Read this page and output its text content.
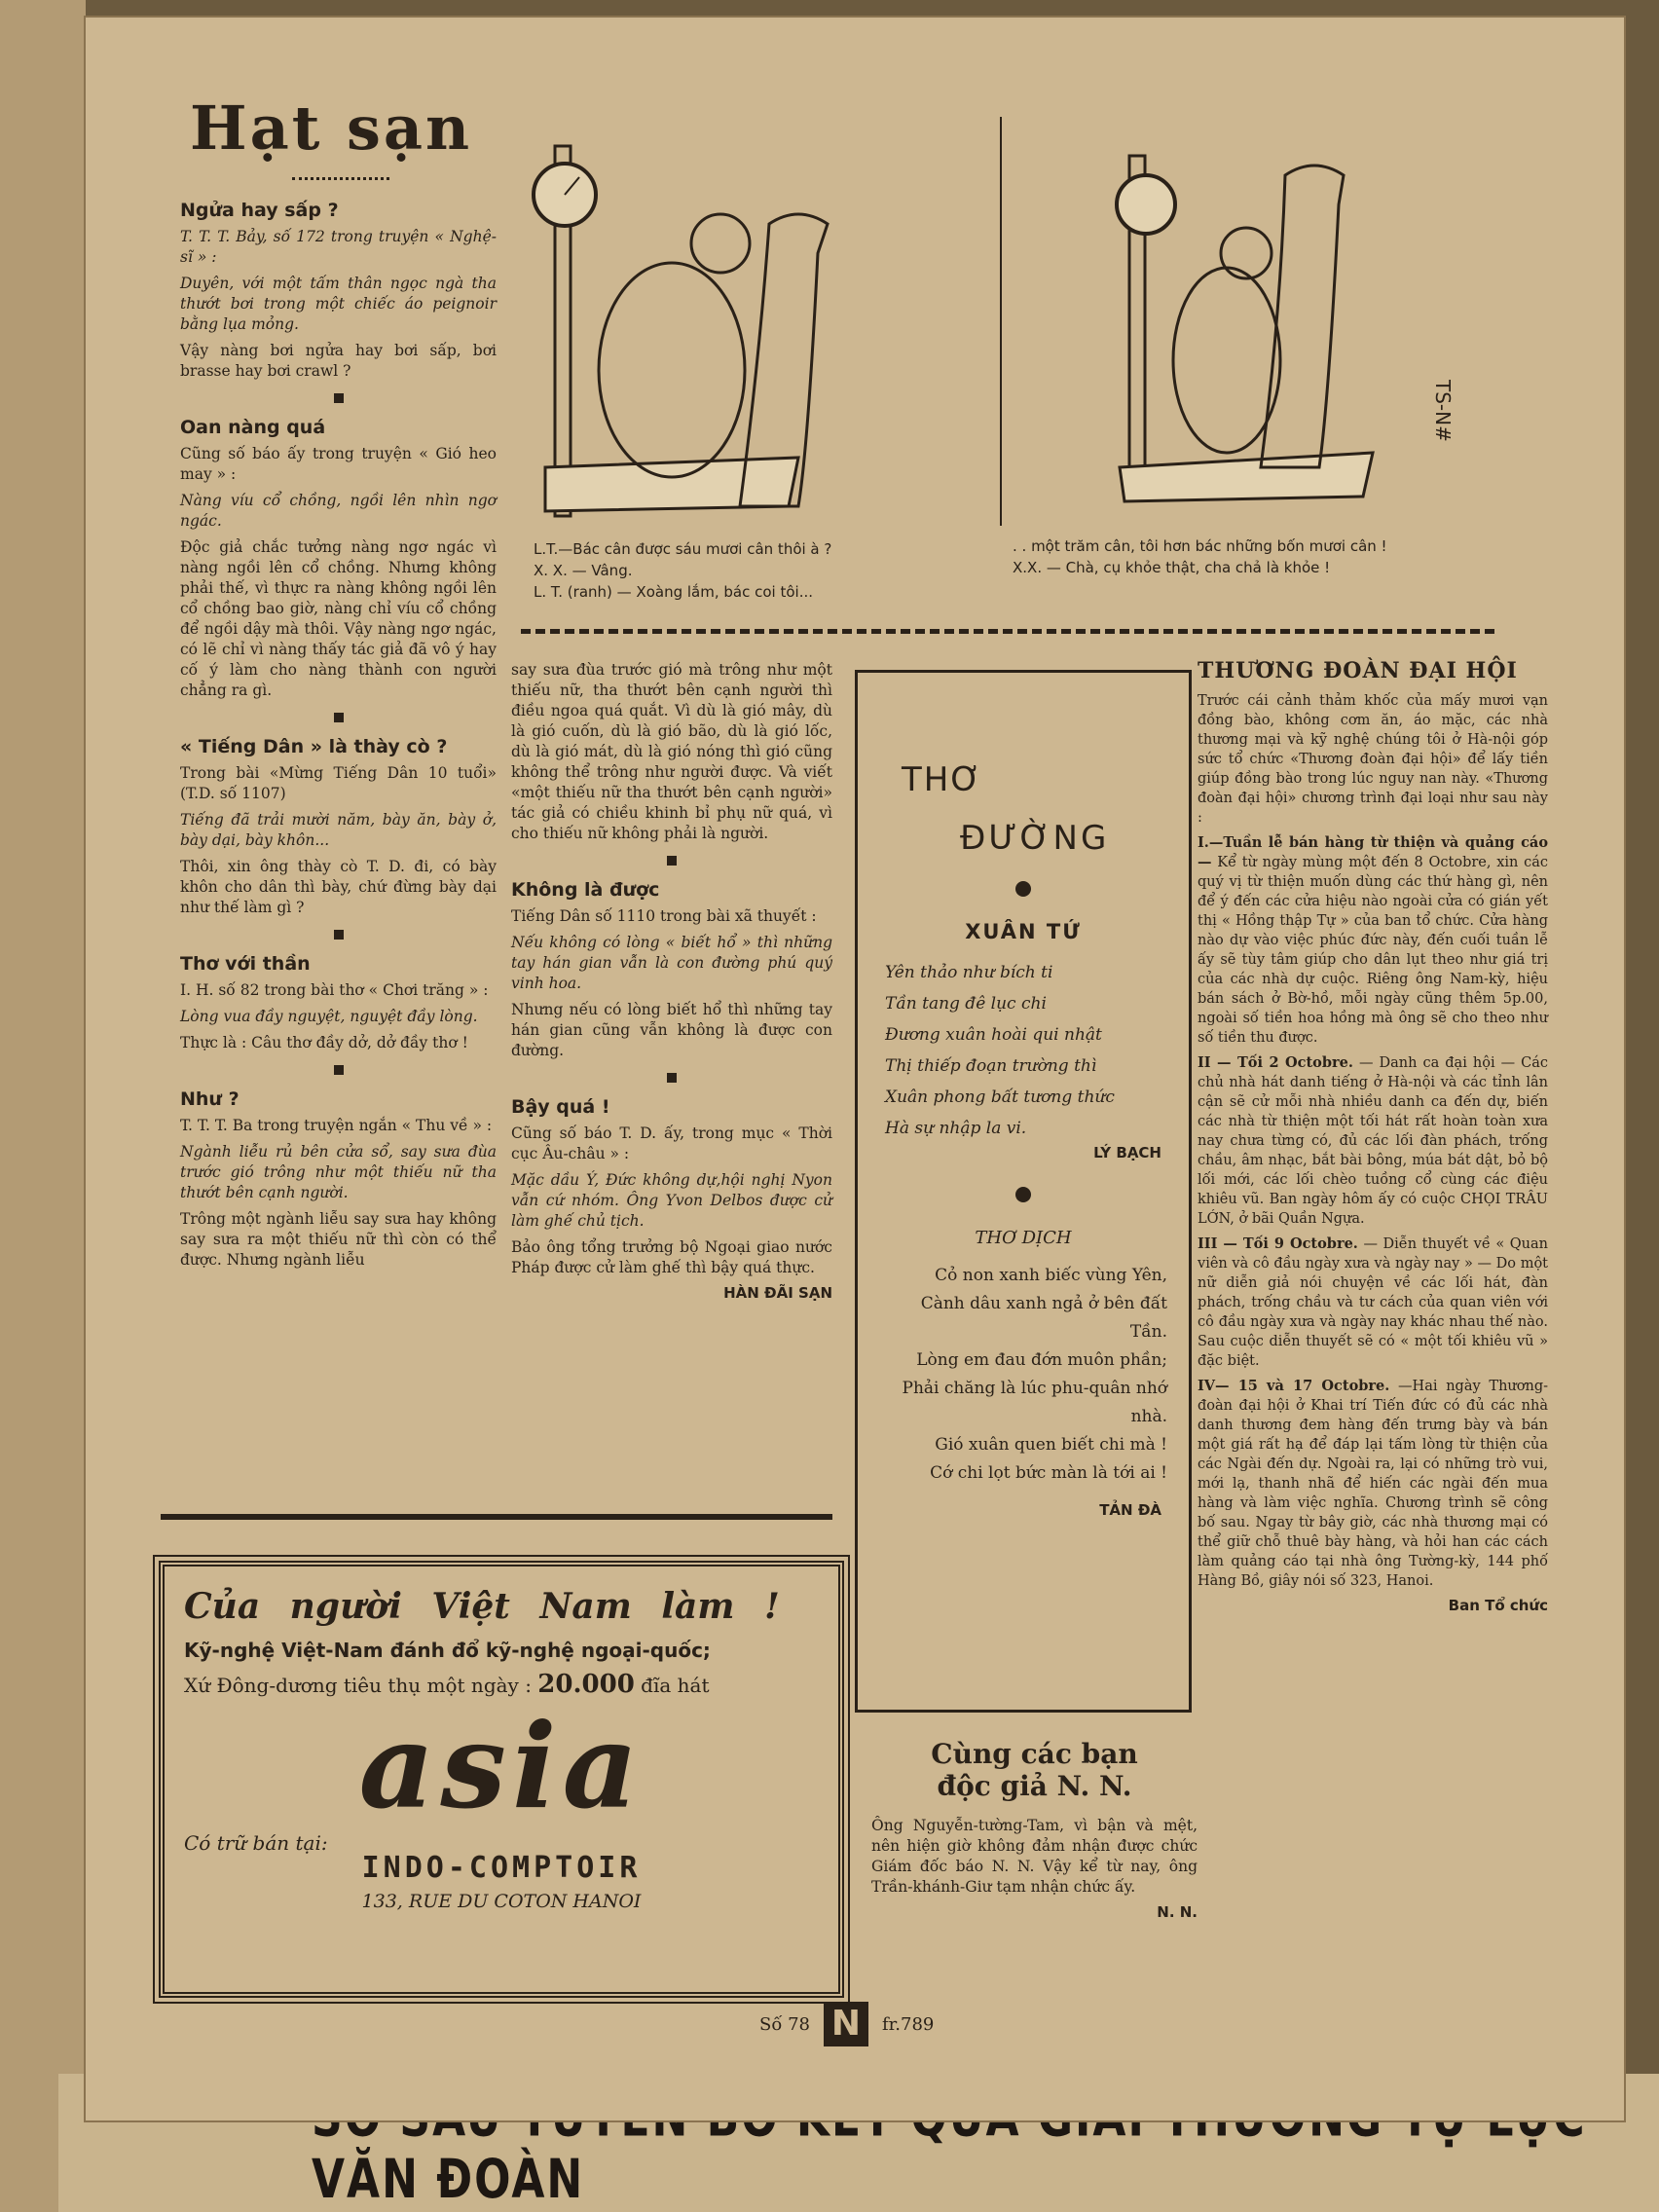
VĂN ĐOÀN
Hạt sạn
Ngửa hay sấp ?

T. T. T. Bảy, số 172 trong truyện « Nghệ-sĩ » :

Duyên, với một tấm thân ngọc ngà tha thướt bơi trong một chiếc áo peignoir bằng lụa mỏng.

Vậy nàng bơi ngửa hay bơi sấp, bơi brasse hay bơi crawl ?

Oan nàng quá

Cũng số báo ấy trong truyện « Gió heo may » :

Nàng víu cổ chồng, ngồi lên nhìn ngơ ngác.

Độc giả chắc tưởng nàng ngơ ngác vì nàng ngồi lên cổ chồng. Nhưng không phải thế, vì thực ra nàng không ngồi lên cổ chồng bao giờ, nàng chỉ víu cổ chồng để ngồi dậy mà thôi. Vậy nàng ngơ ngác, có lẽ chỉ vì nàng thấy tác giả đã vô ý hay cố ý làm cho nàng thành con người chẳng ra gì.

« Tiếng Dân » là thày cò ?

Trong bài «Mừng Tiếng Dân 10 tuổi» (T.D. số 1107)

Tiếng đã trải mười năm, bày ăn, bày ở, bày dại, bày khôn...

Thôi, xin ông thày cò T. D. đi, có bày khôn cho dân thì bày, chứ đừng bày dại như thế làm gì ?

Thơ với thần

I. H. số 82 trong bài thơ « Chơi trăng » :

Lòng vua đầy nguyệt, nguyệt đầy lòng.

Thực là : Câu thơ đầy dở, dở đầy thơ !

Như ?

T. T. T. Ba trong truyện ngắn « Thu về » :

Ngành liễu rủ bên cửa sổ, say sưa đùa trước gió trông như một thiếu nữ tha thướt bên cạnh người.

Trông một ngành liễu say sưa hay không say sưa ra một thiếu nữ thì còn có thể được. Nhưng ngành liễu

TS-N#
L.T.—Bác cân được sáu mươi cân thôi à ?
X. X. — Vâng.
L. T. (ranh) — Xoàng lắm, bác coi tôi...
. . một trăm cân, tôi hơn bác những bốn mươi cân !
X.X. — Chà, cụ khỏe thật, cha chả là khỏe !

say sưa đùa trước gió mà trông như một thiếu nữ, tha thướt bên cạnh người thì điều ngoa quá quắt. Vì dù là gió mây, dù là gió cuốn, dù là gió bão, dù là gió lốc, dù là gió mát, dù là gió nóng thì gió cũng không thể trông như người được. Và viết «một thiếu nữ tha thướt bên cạnh người» tác giả có chiều khinh bỉ phụ nữ quá, vì cho thiếu nữ không phải là người.

Không là được

Tiếng Dân số 1110 trong bài xã thuyết :

Nếu không có lòng « biết hổ » thì những tay hán gian vẫn là con đường phú quý vinh hoa.

Nhưng nếu có lòng biết hổ thì những tay hán gian cũng vẫn không là được con đường.

Bậy quá !

Cũng số báo T. D. ấy, trong mục « Thời cục Âu-châu » :

Mặc dầu Ý, Đức không dự,hội nghị Nyon vẫn cứ nhóm. Ông Yvon Delbos được cử làm ghế chủ tịch.

Bảo ông tổng trưởng bộ Ngoại giao nước Pháp được cử làm ghế thì bậy quá thực.

HÀN ĐÃI SẠN
THƠ
ĐƯỜNG
XUÂN TỨ
Yên thảo như bích ti
Tần tang đê lục chi
Đương xuân hoài qui nhật
Thị thiếp đoạn trường thì
Xuân phong bất tương thức
Hà sự nhập la vi.
LÝ BẠCH
THƠ DỊCH
Cỏ non xanh biếc vùng Yên,
Cành dâu xanh ngả ở bên đất Tần.
Lòng em đau đớn muôn phần;
Phải chăng là lúc phu-quân nhớ nhà.
Gió xuân quen biết chi mà !
Cớ chi lọt bức màn là tới ai !
TẢN ĐÀ
Cùng các bạn
độc giả N. N.

Ông Nguyễn-tường-Tam, vì bận và mệt, nên hiện giờ không đảm nhận được chức Giám đốc báo N. N. Vậy kể từ nay, ông Trần-khánh-Giư tạm nhận chức ấy.

N. N.
THƯƠNG ĐOÀN ĐẠI HỘI

Trước cái cảnh thảm khốc của mấy mươi vạn đồng bào, không cơm ăn, áo mặc, các nhà thương mại và kỹ nghệ chúng tôi ở Hà-nội góp sức tổ chức «Thương đoàn đại hội» để lấy tiền giúp đồng bào trong lúc nguy nan này. «Thương đoàn đại hội» chương trình đại loại như sau này :

I.—Tuần lễ bán hàng từ thiện và quảng cáo— Kể từ ngày mùng một đến 8 Octobre, xin các quý vị từ thiện muốn dùng các thứ hàng gì, nên để ý đến các cửa hiệu nào ngoài cửa có gián yết thị « Hồng thập Tự » của ban tổ chức. Cửa hàng nào dự vào việc phúc đức này, đến cuối tuần lễ ấy sẽ tùy tâm giúp cho dân lụt theo như giá trị của các nhà dự cuộc. Riêng ông Nam-kỳ, hiệu bán sách ở Bờ-hồ, mỗi ngày cũng thêm 5p.00, ngoài số tiền hoa hồng mà ông sẽ cho theo như số tiền thu được.

II — Tối 2 Octobre. — Danh ca đại hội — Các chủ nhà hát danh tiếng ở Hà-nội và các tỉnh lân cận sẽ cử mỗi nhà nhiều danh ca đến dự, biến các nhà từ thiện một tối hát rất hoàn toàn xưa nay chưa từng có, đủ các lối đàn phách, trống chầu, âm nhạc, bắt bài bông, múa bát dật, bỏ bộ lối mới, các lối chèo tuồng cổ cùng các điệu khiêu vũ. Ban ngày hôm ấy có cuộc CHỌI TRÂU LỚN, ở bãi Quần Ngựa.

III — Tối 9 Octobre. — Diễn thuyết về « Quan viên và cô đầu ngày xưa và ngày nay » — Do một nữ diễn giả nói chuyện về các lối hát, đàn phách, trống chầu và tư cách của quan viên với cô đầu ngày xưa và ngày nay khác nhau thế nào. Sau cuộc diễn thuyết sẽ có « một tối khiêu vũ » đặc biệt.

IV— 15 và 17 Octobre. —Hai ngày Thương-đoàn đại hội ở Khai trí Tiến đức có đủ các nhà danh thương đem hàng đến trưng bày và bán một giá rất hạ để đáp lại tấm lòng từ thiện của các Ngài đến dự. Ngoài ra, lại có những trò vui, mới lạ, thanh nhã để hiến các ngài đến mua hàng và làm việc nghĩa. Chương trình sẽ công bố sau. Ngay từ bây giờ, các nhà thương mại có thể giữ chỗ thuê bày hàng, và hỏi han các cách làm quảng cáo tại nhà ông Tường-kỳ, 144 phố Hàng Bồ, giây nói số 323, Hanoi.

Ban Tổ chức
Của người Việt Nam làm !
Kỹ-nghệ Việt-Nam đánh đổ kỹ-nghệ ngoại-quốc;
Xứ Đông-dương tiêu thụ một ngày : 20.000 đĩa hát
asia
Có trữ bán tại:
INDO-COMPTOIR
133, RUE DU COTON HANOI
Số 78 N	fr.789
